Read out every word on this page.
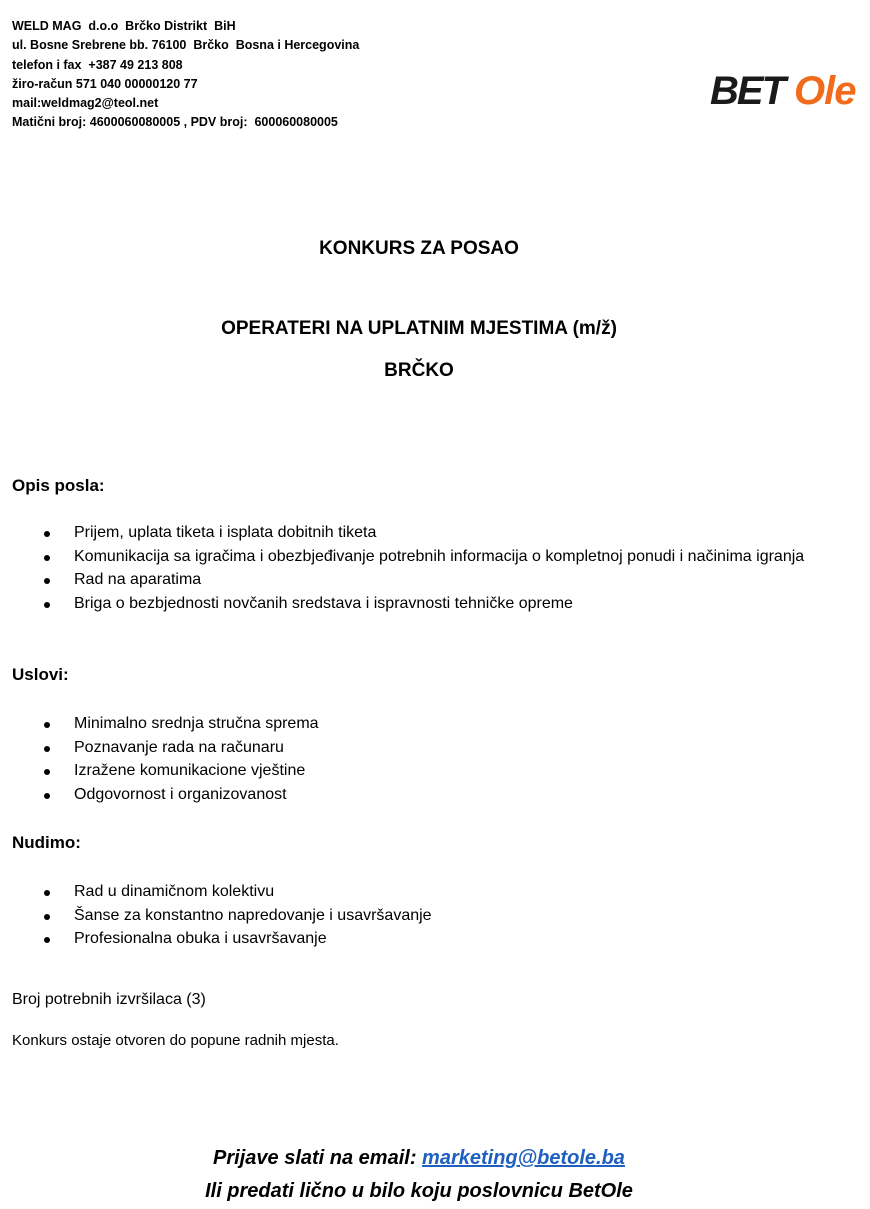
WELD MAG  d.o.o  Brčko Distrikt  BiH
ul. Bosne Srebrene bb. 76100  Brčko  Bosna i Hercegovina
telefon i fax  +387 49 213 808
žiro-račun 571 040 00000120 77
mail:weldmag2@teol.net
Matični broj: 4600060080005 , PDV broj:  600060080005
BET Ole
KONKURS ZA POSAO
OPERATERI NA UPLATNIM MJESTIMA (m/ž)
BRČKO
Opis posla:
Prijem, uplata tiketa i isplata dobitnih tiketa
Komunikacija sa igračima i obezbjeđivanje potrebnih informacija o kompletnoj ponudi i načinima igranja
Rad na aparatima
Briga o bezbjednosti novčanih sredstava i ispravnosti tehničke opreme
Uslovi:
Minimalno srednja stručna sprema
Poznavanje rada na računaru
Izražene komunikacione vještine
Odgovornost i organizovanost
Nudimo:
Rad u dinamičnom kolektivu
Šanse za konstantno napredovanje i usavršavanje
Profesionalna obuka i usavršavanje
Broj potrebnih izvršilaca (3)
Konkurs ostaje otvoren do popune radnih mjesta.
Prijave slati na email: marketing@betole.ba
Ili predati lično u bilo koju poslovnicu BetOle
